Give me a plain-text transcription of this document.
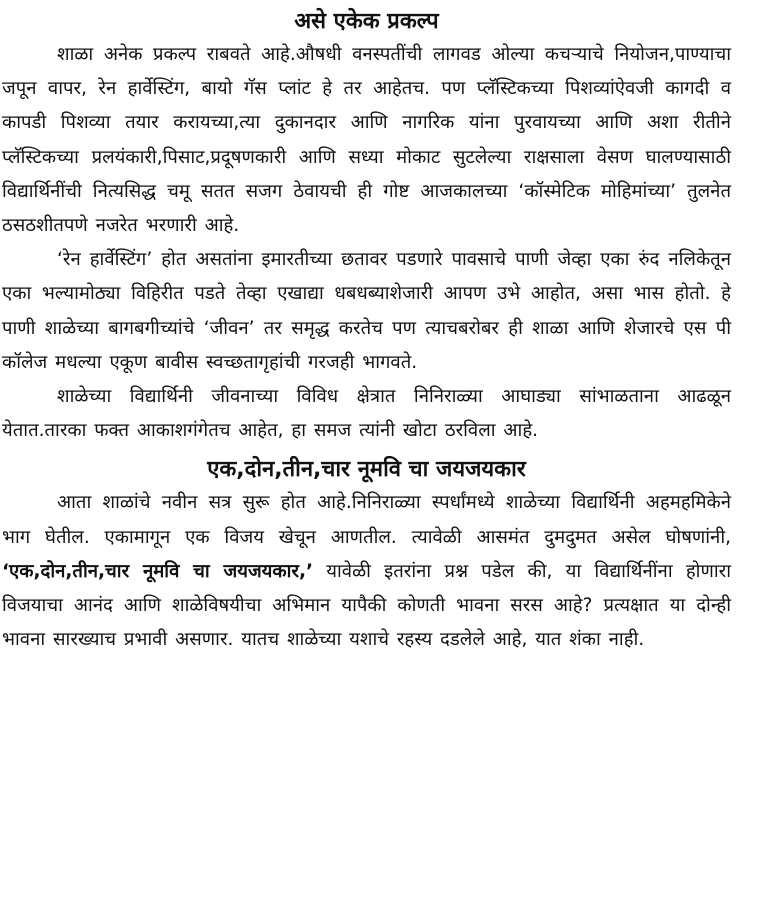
असे एकेक प्रकल्प

शाळा अनेक प्रकल्प राबवते आहे.औषधी वनस्पतींची लागवड ओल्या कचऱ्याचे नियोजन,पाण्याचा जपून वापर, रेन हार्वेस्टिंग, बायो गॅस प्लांट हे तर आहेतच. पण प्लॅस्टिकच्या पिशव्यांऐवजी कागदी व कापडी पिशव्या तयार करायच्या,त्या दुकानदार आणि नागरिक यांना पुरवायच्या आणि अशा रीतीने प्लॅस्टिकच्या प्रलयंकारी,पिसाट,प्रदूषणकारी आणि सध्या मोकाट सुटलेल्या राक्षसाला वेसण घालण्यासाठी विद्यार्थिनींची नित्यसिद्ध चमू सतत सजग ठेवायची ही गोष्ट आजकालच्या ‘कॉस्मेटिक मोहिमांच्या’ तुलनेत ठसठशीतपणे नजरेत भरणारी आहे.

‘रेन हार्वेस्टिंग’ होत असतांना इमारतीच्या छतावर पडणारे पावसाचे पाणी जेव्हा एका रुंद नलिकेतून एका भल्यामोठ्या विहिरीत पडते तेव्हा एखाद्या धबधब्याशेजारी आपण उभे आहोत, असा भास होतो. हे पाणी शाळेच्या बागबगीच्यांचे ‘जीवन’ तर समृद्ध करतेच पण त्याचबरोबर ही शाळा आणि शेजारचे एस पी कॉलेज मधल्या एकूण बावीस स्वच्छतागृहांची गरजही भागवते.

शाळेच्या विद्यार्थिनी जीवनाच्या विविध क्षेत्रात निनिराळ्या आघाड्या सांभाळताना आढळून येतात.तारका फक्त आकाशगंगेतच आहेत, हा समज त्यांनी खोटा ठरविला आहे.

एक,दोन,तीन,चार नूमवि चा जयजयकार

आता शाळांचे नवीन सत्र सुरू होत आहे.निनिराळ्या स्पर्धांमध्ये शाळेच्या विद्यार्थिनी अहमहमिकेने भाग घेतील. एकामागून एक विजय खेचून आणतील. त्यावेळी आसमंत दुमदुमत असेल घोषणांनी, ‘एक,दोन,तीन,चार नूमवि चा जयजयकार,’ यावेळी इतरांना प्रश्न पडेल की, या विद्यार्थिनींना होणारा विजयाचा आनंद आणि शाळेविषयीचा अभिमान यापैकी कोणती भावना सरस आहे? प्रत्यक्षात या दोन्ही भावना सारख्याच प्रभावी असणार. यातच शाळेच्या यशाचे रहस्य दडलेले आहे, यात शंका नाही.
